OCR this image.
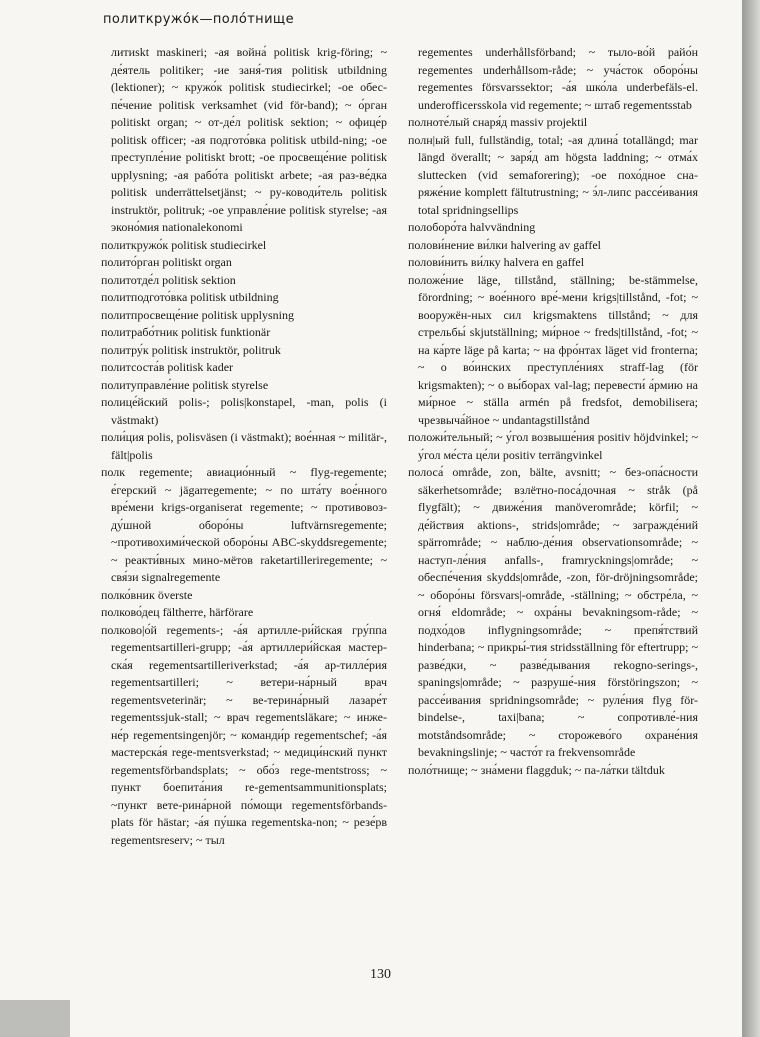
политкружо́к—поло́тнище

литиskt maskineri; -ая война́ politisk krig-föring; ~ де́ятель politiker; -ие заня́-тия politisk utbildning (lektioner); ~ кружо́к politisk studiecirkel; -ое обес-пе́чение politisk verksamhet (vid för-band); ~ о́рган politiskt organ; ~ от-де́л politisk sektion; ~ офице́р politisk officer; -ая подгото́вка politisk utbild-ning; -ое преступле́ние politiskt brott; -ое просвеще́ние politisk upplysning; -ая рабо́та politiskt arbete; -ая раз-ве́дка politisk underrättelsetjänst; ~ ру-ководи́тель politisk instruktör, politruk; -ое управле́ние politisk styrelse; -ая эконо́мия nationalekonomi

политкружо́к politisk studiecirkel

полито́рган politiskt organ

политотде́л politisk sektion

политподгото́вка politisk utbildning

политпросвеще́ние politisk upplysning

политрабо́тник politisk funktionär

политру́к politisk instruktör, politruk

политсоста́в politisk kader

политуправле́ние politisk styrelse

полице́йский polis-; polis|konstapel, -man, polis (i västmakt)

поли́ция polis, polisväsen (i västmakt); вое́нная ~ militär-, fält|polis

полк regemente; авиацио́нный ~ flyg-regemente; е́герский ~ jägarregemente; ~ по шта́ту вое́нного вре́мени krigs-organiserat regemente; ~ противовоз-ду́шной оборо́ны luftvärnsregemente; ~противохими́ческой оборо́ны ABC-skyddsregemente; ~ реакти́вных мино-мётов raketartilleriregemente; ~ свя́зи signalregemente

полко́вник överste

полково́дец fältherre, härförare

полково|о́й regements-; -а́я артилле-ри́йская гру́ппа regementsartilleri-grupp; -а́я артиллери́йская мастер-ска́я regementsartilleriverkstad; -а́я ар-тилле́рия regementsartilleri; ~ ветери-на́рный врач regementsveterinär; ~ ве-терина́рный лазаре́т regementssjuk-stall; ~ врач regementsläkare; ~ инже-не́р regementsingenjör; ~ команди́р regementschef; -а́я мастерска́я rege-mentsverkstad; ~ медици́нский пункт regementsförbandsplats; ~ обо́з rege-mentstross; ~ пункт боепита́ния re-gementsammunitionsplats; ~пункт вете-рина́рной по́мощи regementsförbands-plats för hästar; -а́я пу́шка regementska-non; ~ резе́рв regementsreserv; ~ тыл

regementes underhållsförband; ~ тыло-во́й райо́н regementes underhållsom-råde; ~ уча́сток оборо́ны regementes försvarssektor; -а́я шко́ла underbefäls-el. underofficersskola vid regemente; ~ штаб regementsstab

полноте́лый снаря́д massiv projektil

полн|ый full, fullständig, total; -ая длина́ totallängd; mar längd överallt; ~ заря́д am högsta laddning; ~ отма́х sluttecken (vid semaforering); -ое похо́дное сна-ряже́ние komplett fältutrustning; ~ э́л-липс рассе́ивания total spridningsellips

полоборо́та halvvändning

полови́нение ви́лки halvering av gaffel

полови́нить ви́лку halvera en gaffel

положе́ние läge, tillstånd, ställning; be-stämmelse, förordning; ~ вое́нного вре́-мени krigs|tillstånd, -fot; ~ вооружён-ных сил krigsmaktens tillstånd; ~ для стрельбы́ skjutställning; ми́рное ~ freds|tillstånd, -fot; ~ на ка́рте läge på karta; ~ на фро́нтах läget vid fronterna; ~ о во́инских преступле́ниях straff-lag (för krigsmakten); ~ о вы́борах val-lag; перевести́ а́рмию на ми́рное ~ ställa armén på fredsfot, demobilisera; чрезвыча́йное ~ undantagstillstånd

положи́тельный; ~ у́гол возвыше́ния positiv höjdvinkel; ~ у́гол ме́ста це́ли positiv terrängvinkel

полоса́ område, zon, bälte, avsnitt; ~ без-опа́сности säkerhetsområde; взлётно-поса́дочная ~ stråk (på flygfält); ~ движе́ния manöverområde; körfil; ~ де́йствия aktions-, strids|område; ~ загражде́ний spärrområde; ~ наблю-де́ния observationsområde; ~ наступ-ле́ния anfalls-, framrycknings|område; ~ обеспе́чения skydds|område, -zon, för-dröjningsområde; ~ оборо́ны försvars|-område, -ställning; ~ обстре́ла, ~ огня́ eldområde; ~ охра́ны bevakningsom-råde; ~ подхо́дов inflygningsområde; ~ препя́тствий hinderbana; ~ прикры́-тия stridsställning för eftertrupp; ~ разве́дки, ~ разве́дывания rekogno-serings-, spanings|område; ~ разруше́-ния förstöringszon; ~ рассе́ивания spridningsområde; ~ руле́ния flyg för-bindelse-, taxi|bana; ~ сопротивле́-ния motståndsområde; ~ сторожево́го охране́ния bevakningslinje; ~ часто́т ra frekvensområde

поло́тнище; ~ зна́мени flaggduk; ~ па-ла́тки tältduk

130
